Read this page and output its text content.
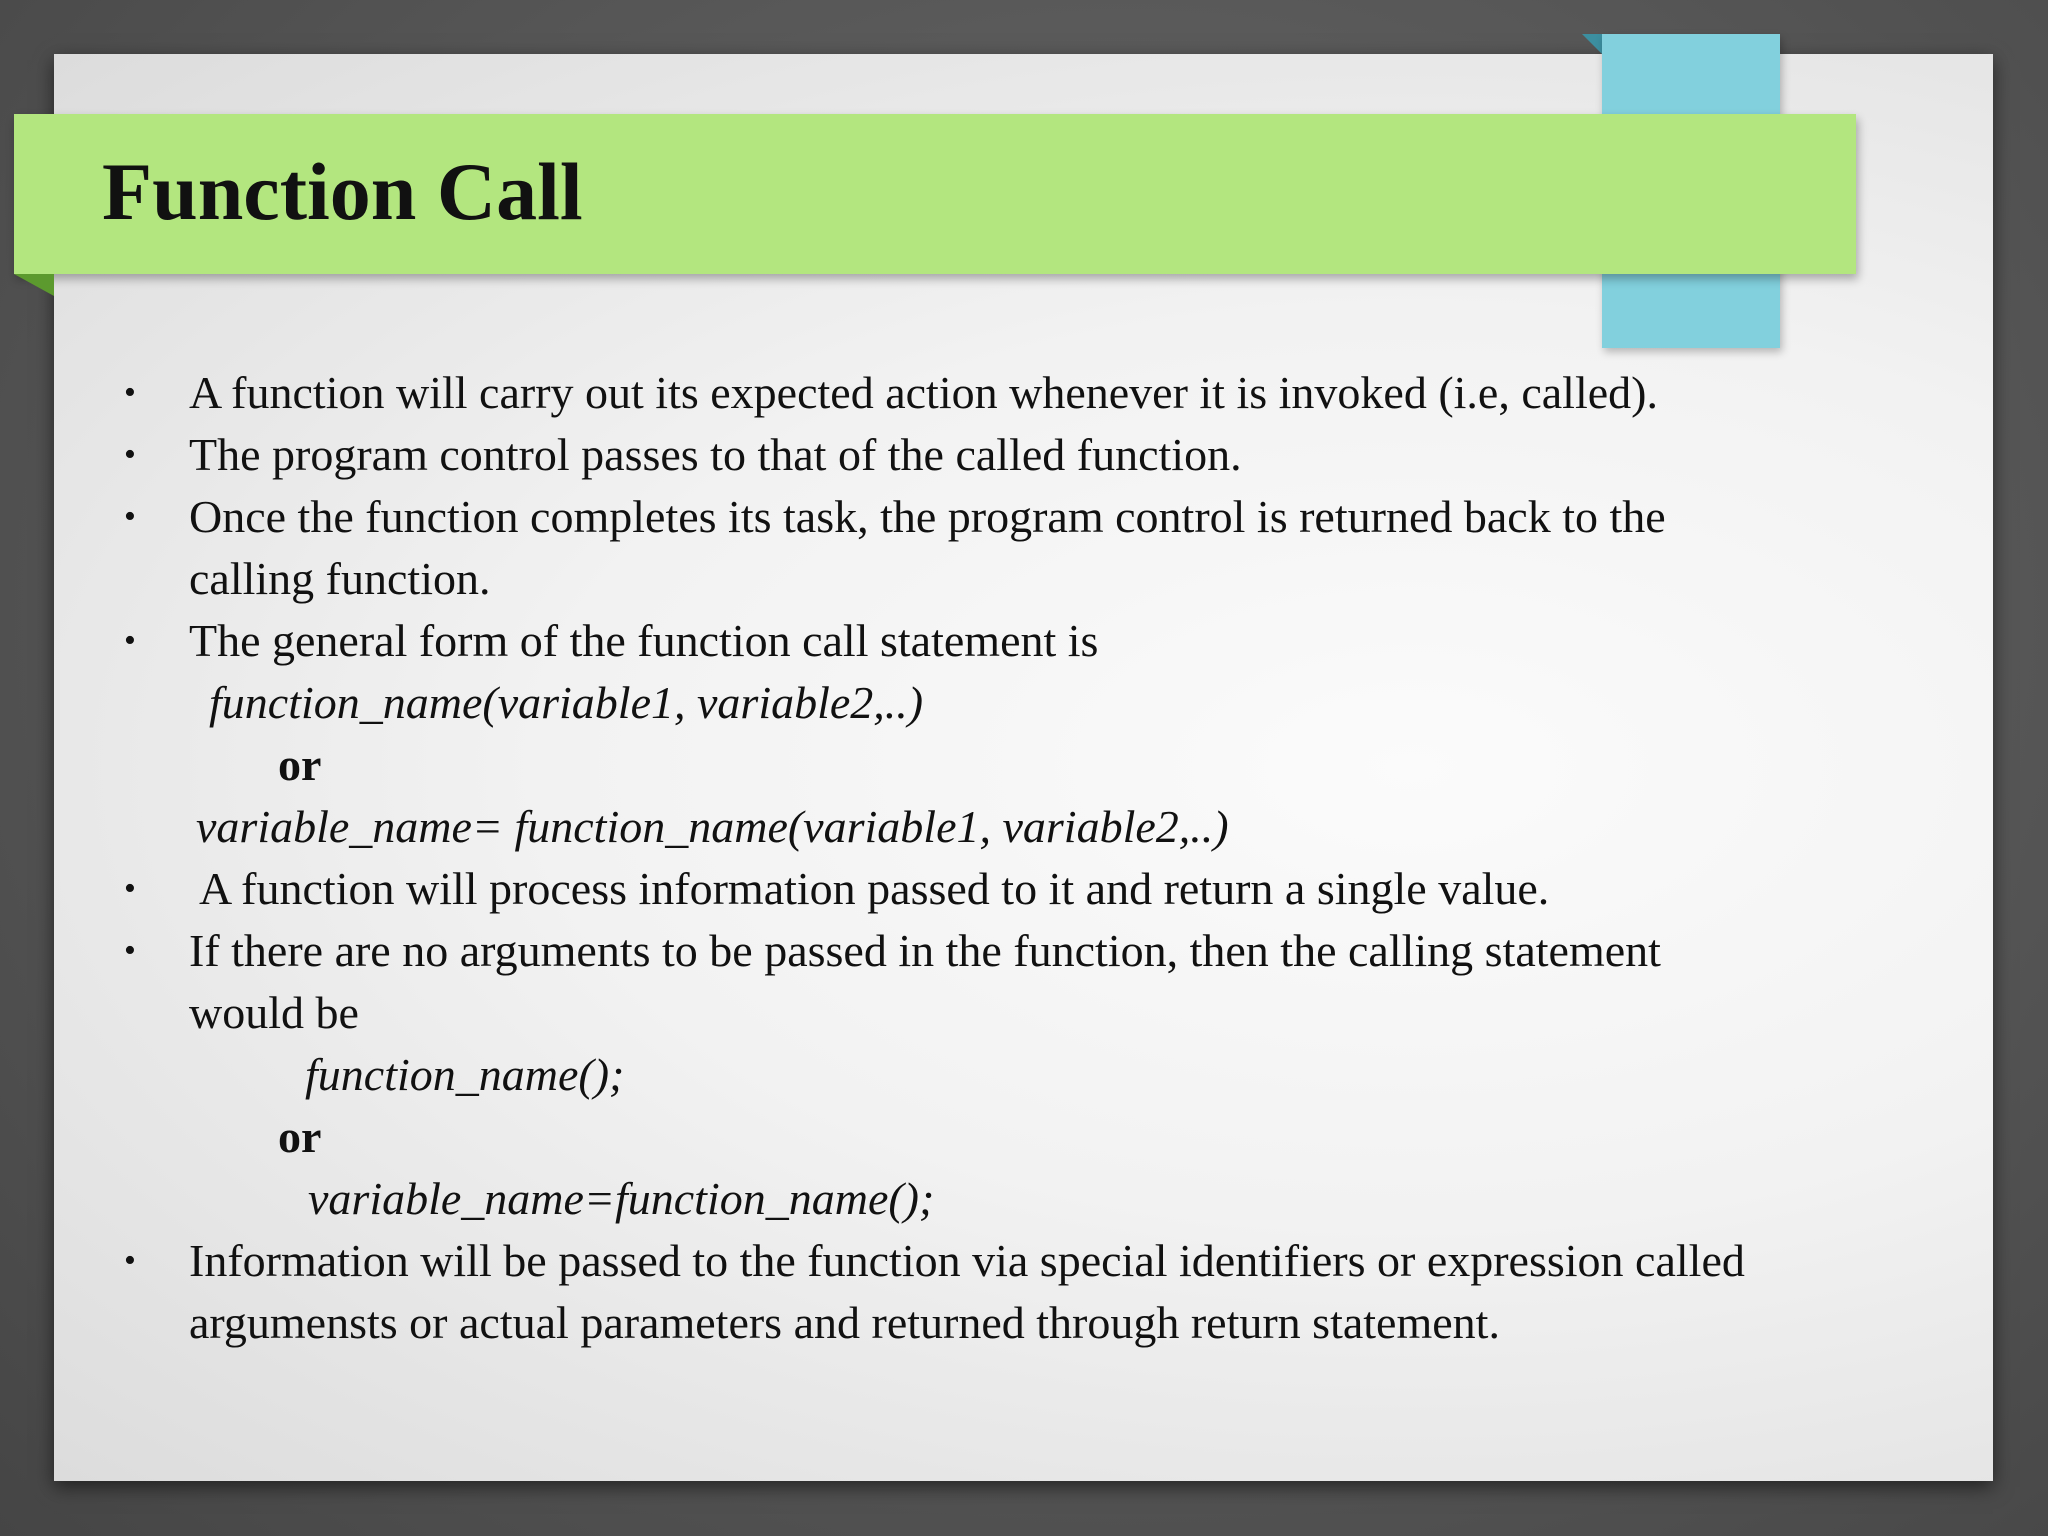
Function Call
• A function will carry out its expected action whenever it is invoked (i.e, called).
• The program control passes to that of the called function.
• Once the function completes its task, the program control is returned back to the
calling function.
• The general form of the function call statement is
function_name(variable1, variable2,..)
or
variable_name= function_name(variable1, variable2,..)
• A function will process information passed to it and return a single value.
• If there are no arguments to be passed in the function, then the calling statement
would be
function_name();
or
variable_name=function_name();
• Information will be passed to the function via special identifiers or expression called
argumensts or actual parameters and returned through return statement.
